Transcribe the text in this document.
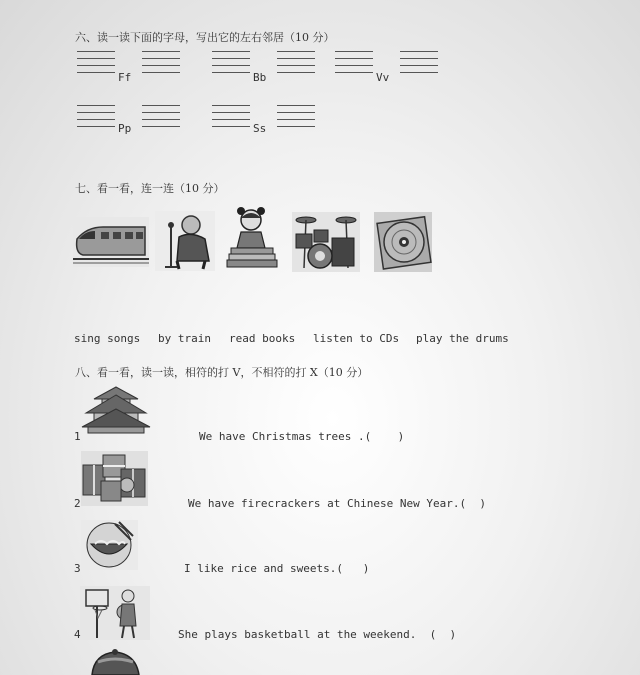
六、读一读下面的字母，写出它的左右邻居（10 分）
Ff	Bb	Vv
Pp	Ss
七、看一看，连一连（10 分）
sing songs by train read books listen to CDs play the drums
八、看一看，读一读，相符的打 V，不相符的打 X（10 分）
1	We have Christmas trees .(    )
2	We have firecrackers at Chinese New Year.(  )
3	I like rice and sweets.(   )
4	She plays basketball at the weekend.  (  )
